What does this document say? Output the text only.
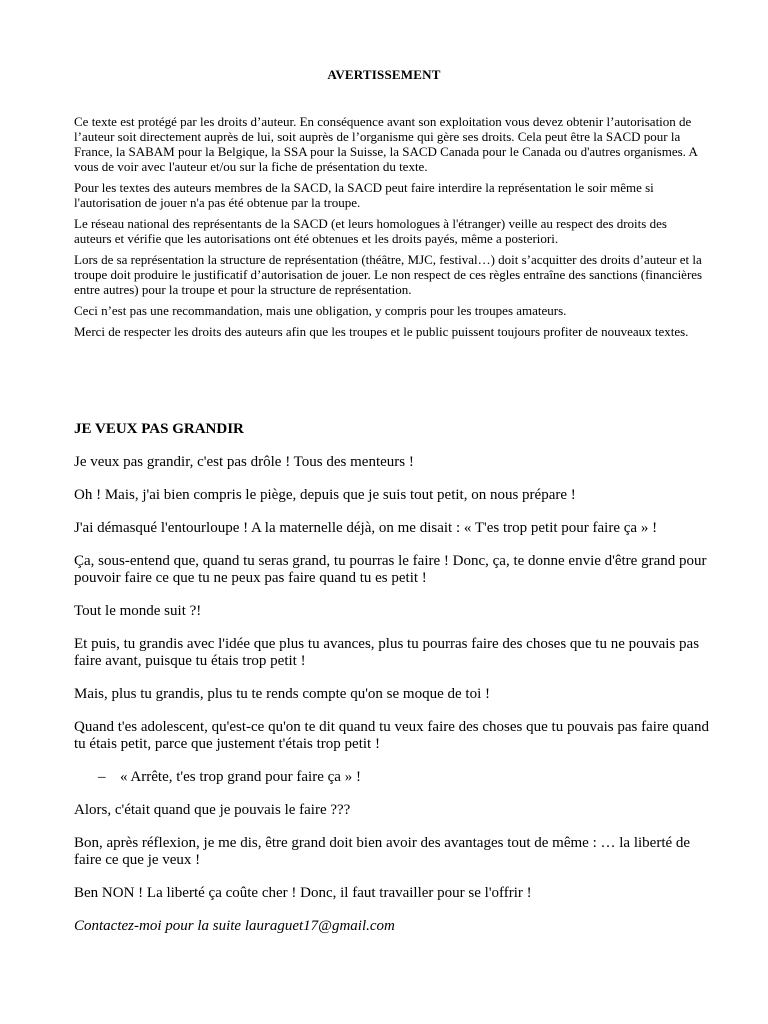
AVERTISSEMENT

Ce texte est protégé par les droits d’auteur. En conséquence avant son exploitation vous devez obtenir l’autorisation de l’auteur soit directement auprès de lui, soit auprès de l’organisme qui gère ses droits. Cela peut être la SACD pour la France, la SABAM pour la Belgique, la SSA pour la Suisse, la SACD Canada pour le Canada ou d'autres organismes. A vous de voir avec l'auteur et/ou sur la fiche de présentation du texte.

Pour les textes des auteurs membres de la SACD, la SACD peut faire interdire la représentation le soir même si l'autorisation de jouer n'a pas été obtenue par la troupe.

Le réseau national des représentants de la SACD (et leurs homologues à l'étranger) veille au respect des droits des auteurs et vérifie que les autorisations ont été obtenues et les droits payés, même a posteriori.

Lors de sa représentation la structure de représentation (théâtre, MJC, festival…) doit s’acquitter des droits d’auteur et la troupe doit produire le justificatif d’autorisation de jouer. Le non respect de ces règles entraîne des sanctions (financières entre autres) pour la troupe et pour la structure de représentation.

Ceci n’est pas une recommandation, mais une obligation, y compris pour les troupes amateurs.

Merci de respecter les droits des auteurs afin que les troupes et le public puissent toujours profiter de nouveaux textes.

JE VEUX PAS GRANDIR

Je veux pas grandir, c'est pas drôle ! Tous des menteurs !

Oh ! Mais, j'ai bien compris le piège, depuis que je suis tout petit, on nous prépare !

J'ai démasqué l'entourloupe ! A la maternelle déjà, on me disait : « T'es trop petit pour faire ça » !

Ça, sous-entend que, quand tu seras grand, tu pourras le faire ! Donc, ça, te donne envie d'être grand pour pouvoir faire ce que tu ne peux pas faire quand tu es petit !

Tout le monde suit ?!

Et puis, tu grandis avec l'idée que plus tu avances, plus tu pourras faire des choses que tu ne pouvais pas faire avant, puisque tu étais trop petit !

Mais, plus tu grandis, plus tu te rends compte qu'on se moque de toi !

Quand t'es adolescent, qu'est-ce qu'on te dit quand tu veux faire des choses que tu pouvais pas faire quand tu étais petit, parce que justement t'étais trop petit !

– « Arrête, t'es trop grand pour faire ça » !

Alors, c'était quand que je pouvais le faire ???

Bon, après réflexion, je me dis, être grand doit bien avoir des avantages tout de même : … la liberté de faire ce que je veux !

Ben NON ! La liberté ça coûte cher ! Donc, il faut travailler pour se l'offrir !

Contactez-moi pour la suite lauraguet17@gmail.com
